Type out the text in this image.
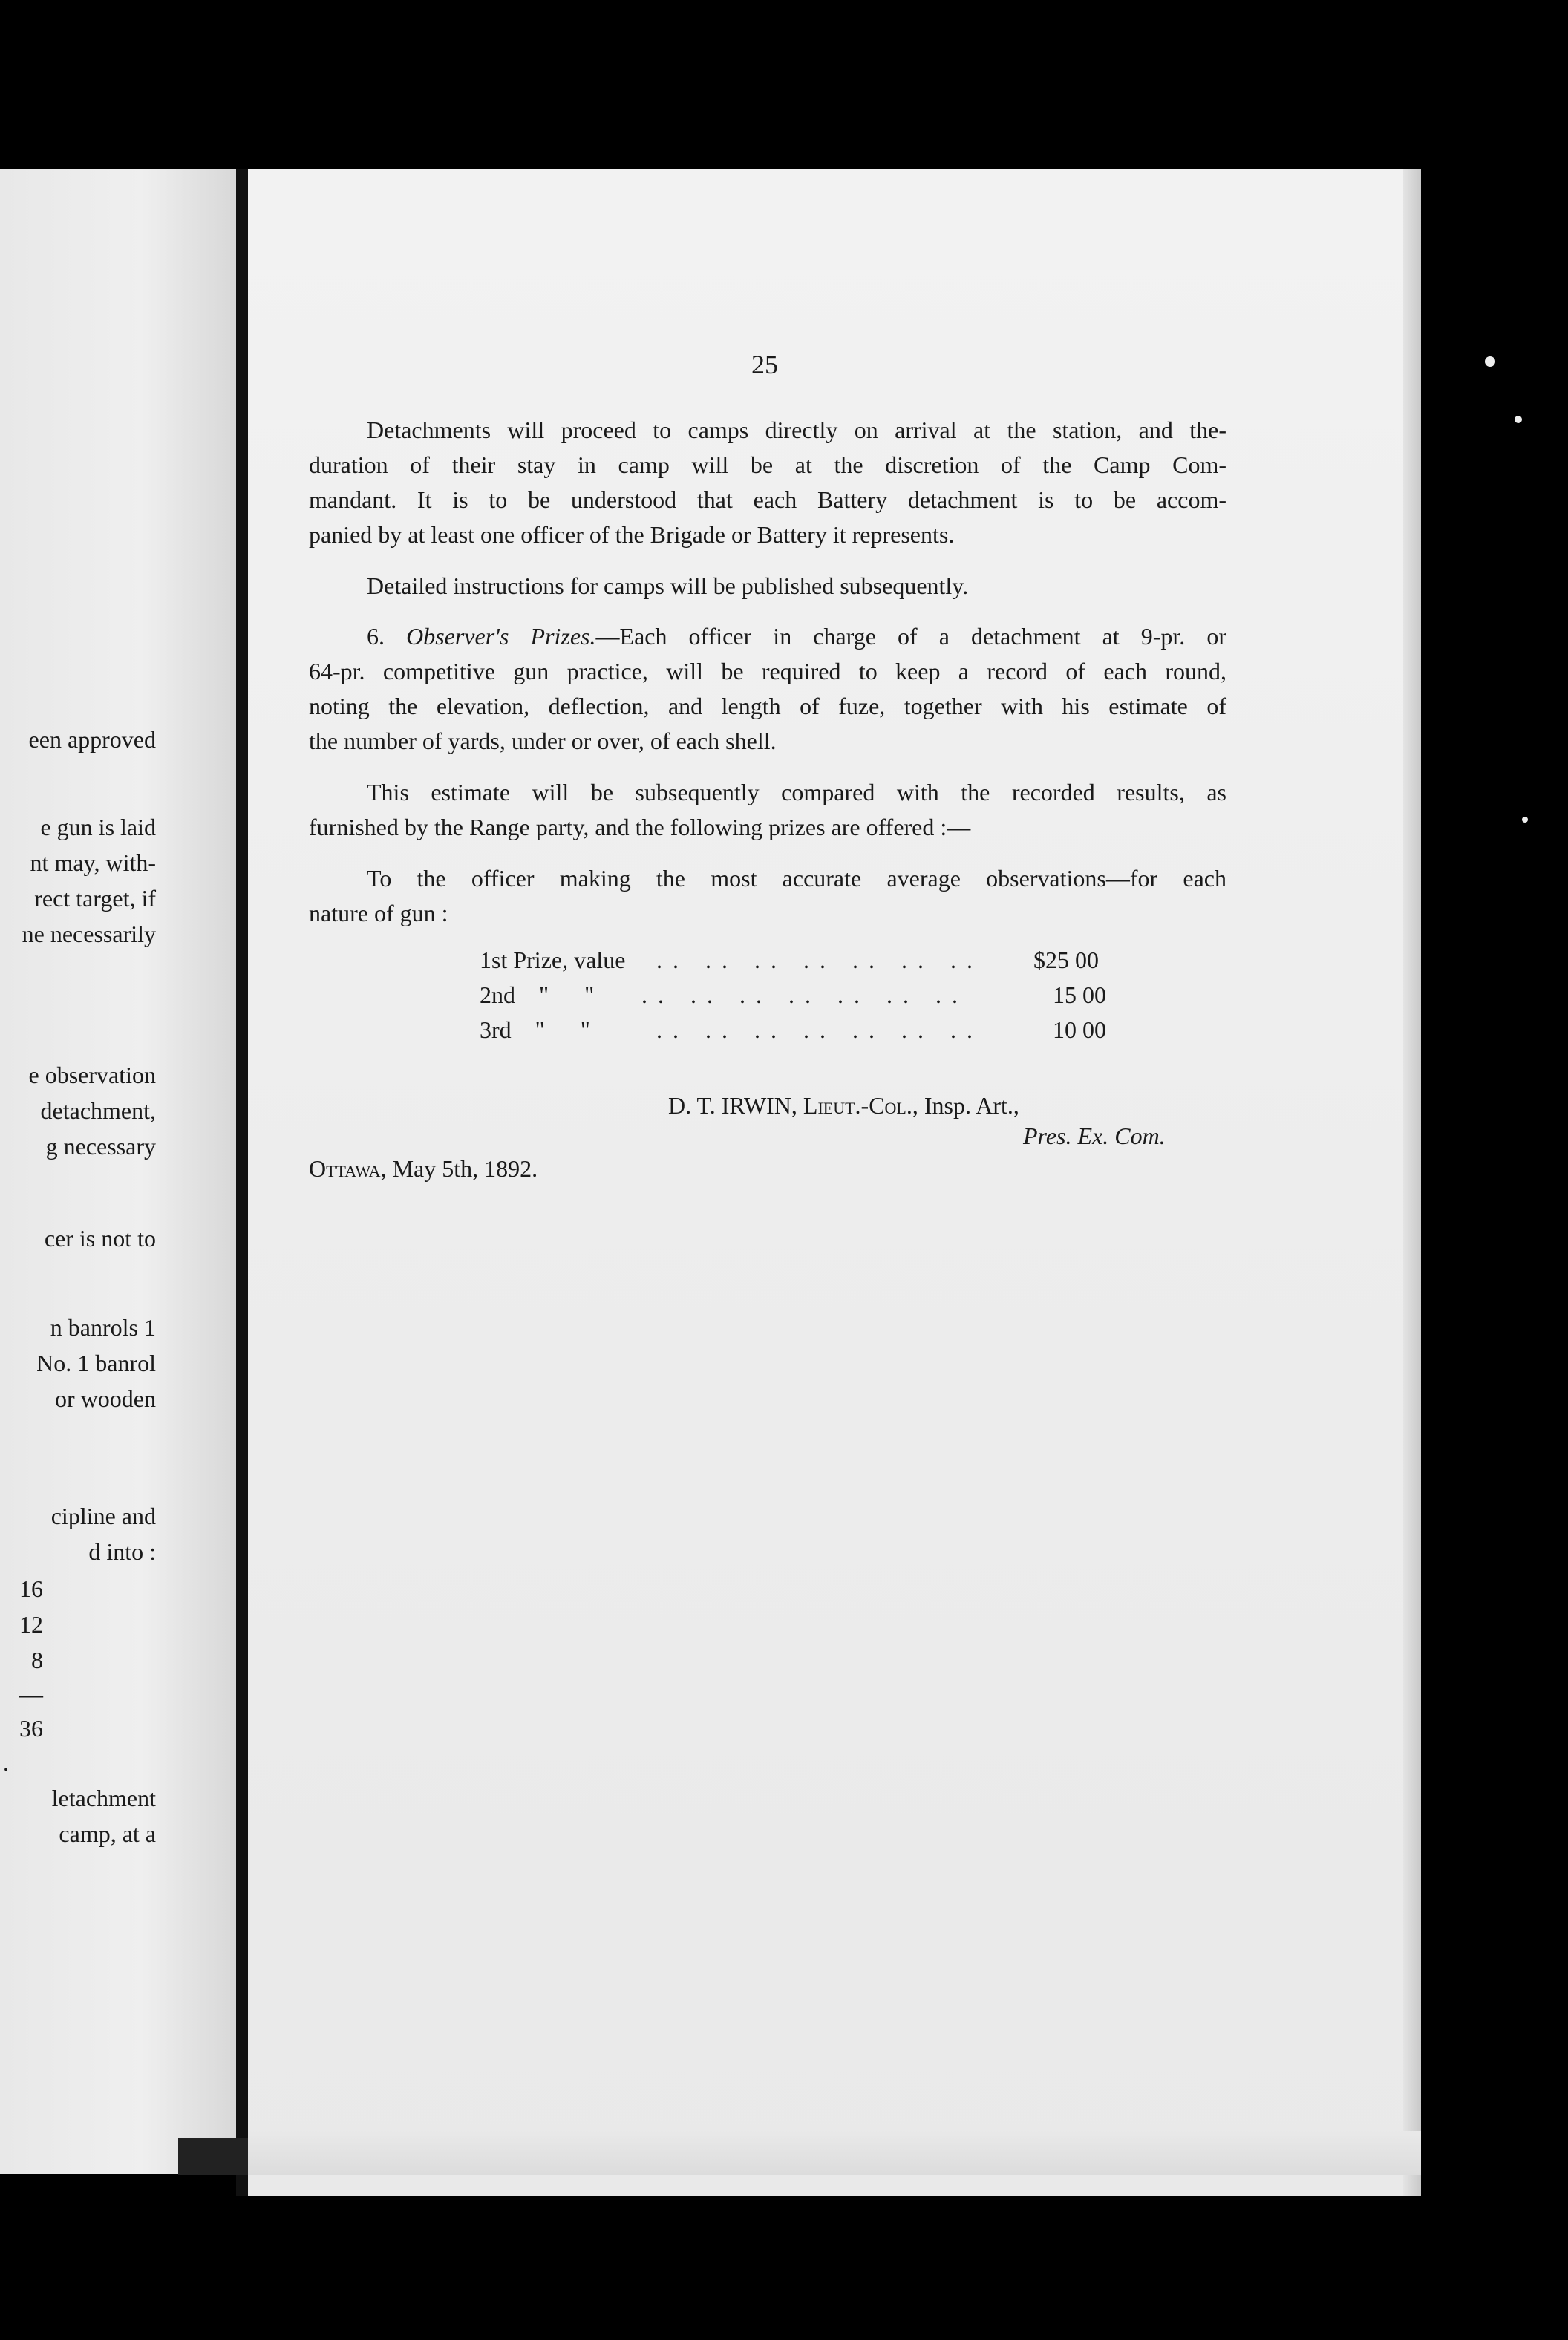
een approved
e gun is laid
nt may, with-
rect target, if
ne necessarily
e observation
detachment,
g necessary
cer is not to
n banrols 1
No. 1 banrol
or wooden
cipline and
d into :
16
12
8
—
36
.
letachment
camp, at a
25
Detachments will proceed to camps directly on arrival at the station, and the-
duration of their stay in camp will be at the discretion of the Camp Com-
mandant. It is to be understood that each Battery detachment is to be accom-
panied by at least one officer of the Brigade or Battery it represents.
Detailed instructions for camps will be published subsequently.
6. Observer's Prizes.—Each officer in charge of a detachment at 9-pr. or
64-pr. competitive gun practice, will be required to keep a record of each round,
noting the elevation, deflection, and length of fuze, together with his estimate of
the number of yards, under or over, of each shell.
This estimate will be subsequently compared with the recorded results, as
furnished by the Range party, and the following prizes are offered :—
To the officer making the most accurate average observations—for each
nature of gun :
1st Prize, value .. .. .. .. .. .. .. $25 00
2nd    "      " .. .. .. .. .. .. ..	15 00
3rd    "      "	.. .. .. .. .. .. ..	10 00
D. T. IRWIN, Lieut.-Col., Insp. Art.,
Pres. Ex. Com.
Ottawa, May 5th, 1892.
